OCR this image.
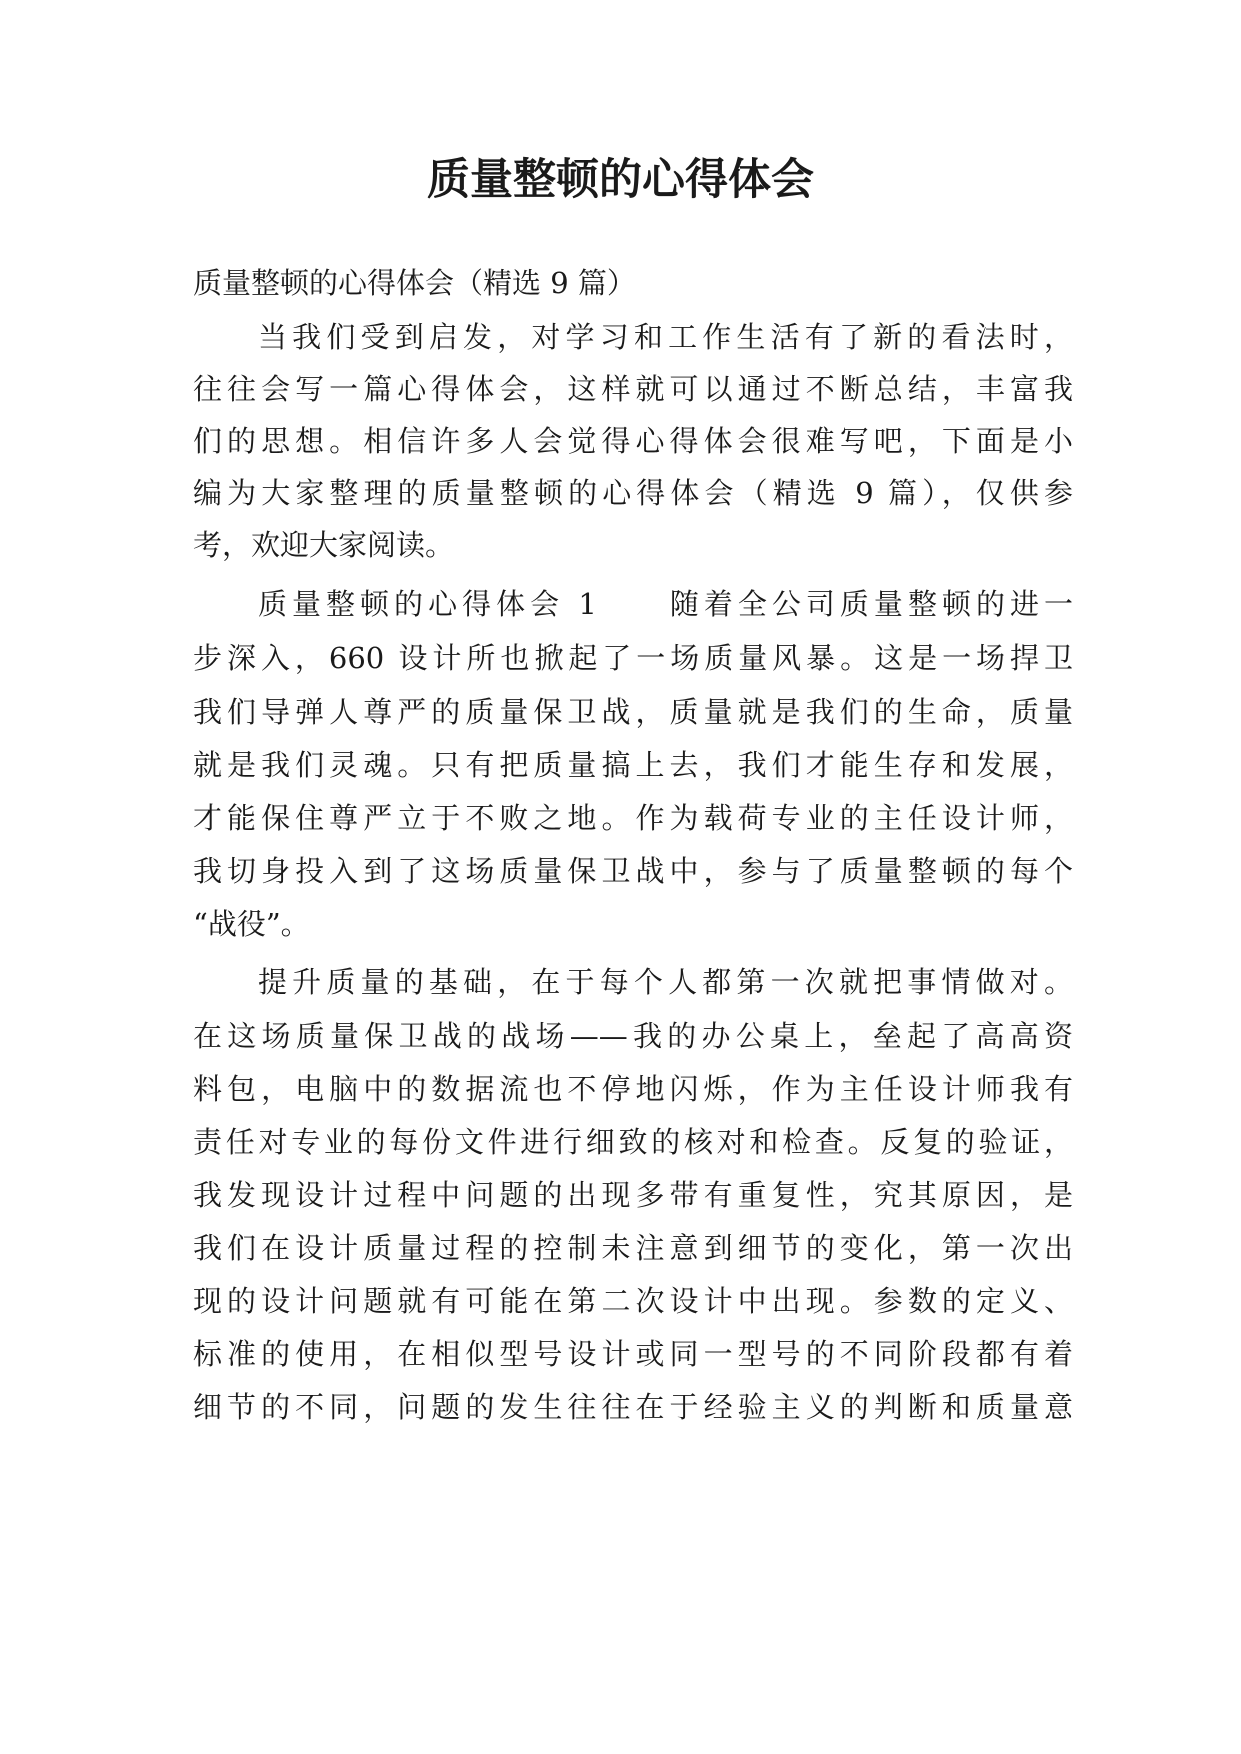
质量整顿的心得体会

质量整顿的心得体会（精选 9 篇）

当我们受到启发，对学习和工作生活有了新的看法时，

往往会写一篇心得体会，这样就可以通过不断总结，丰富我

们的思想。相信许多人会觉得心得体会很难写吧，下面是小

编为大家整理的质量整顿的心得体会（精选 9 篇），仅供参

考，欢迎大家阅读。

质量整顿的心得体会 1　　随着全公司质量整顿的进一

步深入，660 设计所也掀起了一场质量风暴。这是一场捍卫

我们导弹人尊严的质量保卫战，质量就是我们的生命，质量

就是我们灵魂。只有把质量搞上去，我们才能生存和发展，

才能保住尊严立于不败之地。作为载荷专业的主任设计师，

我切身投入到了这场质量保卫战中，参与了质量整顿的每个

“战役”。

提升质量的基础，在于每个人都第一次就把事情做对。

在这场质量保卫战的战场——我的办公桌上，垒起了高高资

料包，电脑中的数据流也不停地闪烁，作为主任设计师我有

责任对专业的每份文件进行细致的核对和检查。反复的验证，

我发现设计过程中问题的出现多带有重复性，究其原因，是

我们在设计质量过程的控制未注意到细节的变化，第一次出

现的设计问题就有可能在第二次设计中出现。参数的定义、

标准的使用，在相似型号设计或同一型号的不同阶段都有着

细节的不同，问题的发生往往在于经验主义的判断和质量意
